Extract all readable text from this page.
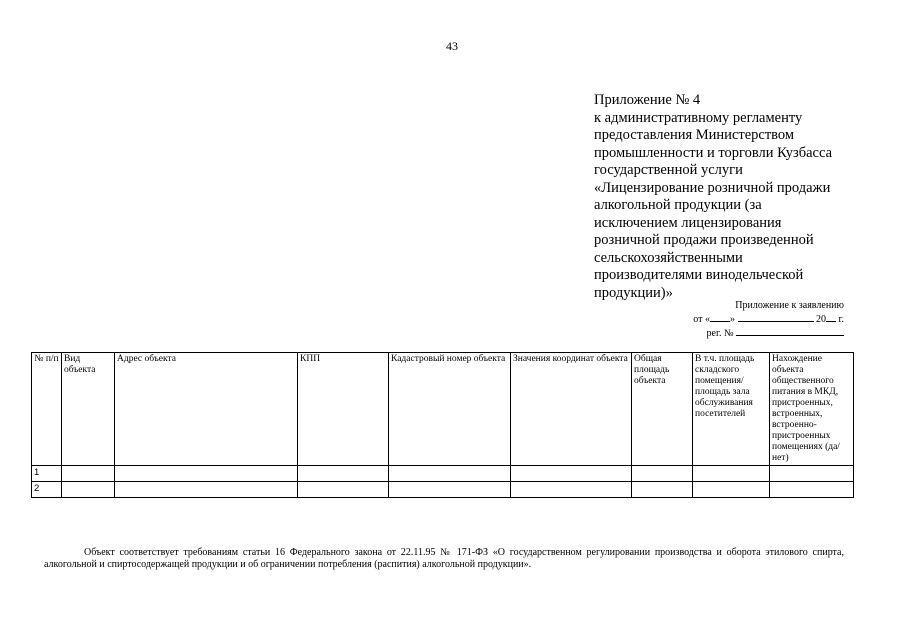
43
Приложение № 4
к административному регламенту
предоставления Министерством
промышленности и торговли Кузбасса
государственной услуги
«Лицензирование розничной продажи
алкогольной продукции (за
исключением лицензирования
розничной продажи произведенной
сельскохозяйственными
производителями винодельческой
продукции)»
Приложение к заявлению
от « »	20 г.
рег. №
№ п/п	Вид объекта	Адрес объекта	КПП	Кадастровый номер объекта	Значения координат объекта	Общая площадь объекта	В т.ч. площадь складского помещения/площадь зала обслуживания посетителей	Нахождение объекта общественного питания в МКД, пристроенных, встроенных, встроенно-пристроенных помещениях (да/нет)
1								
2								
Объект соответствует требованиям статьи 16 Федерального закона от 22.11.95 № 171-ФЗ «О государственном регулировании производства и оборота этилового спирта, алкогольной и спиртосодержащей продукции и об ограничении потребления (распития) алкогольной продукции».
